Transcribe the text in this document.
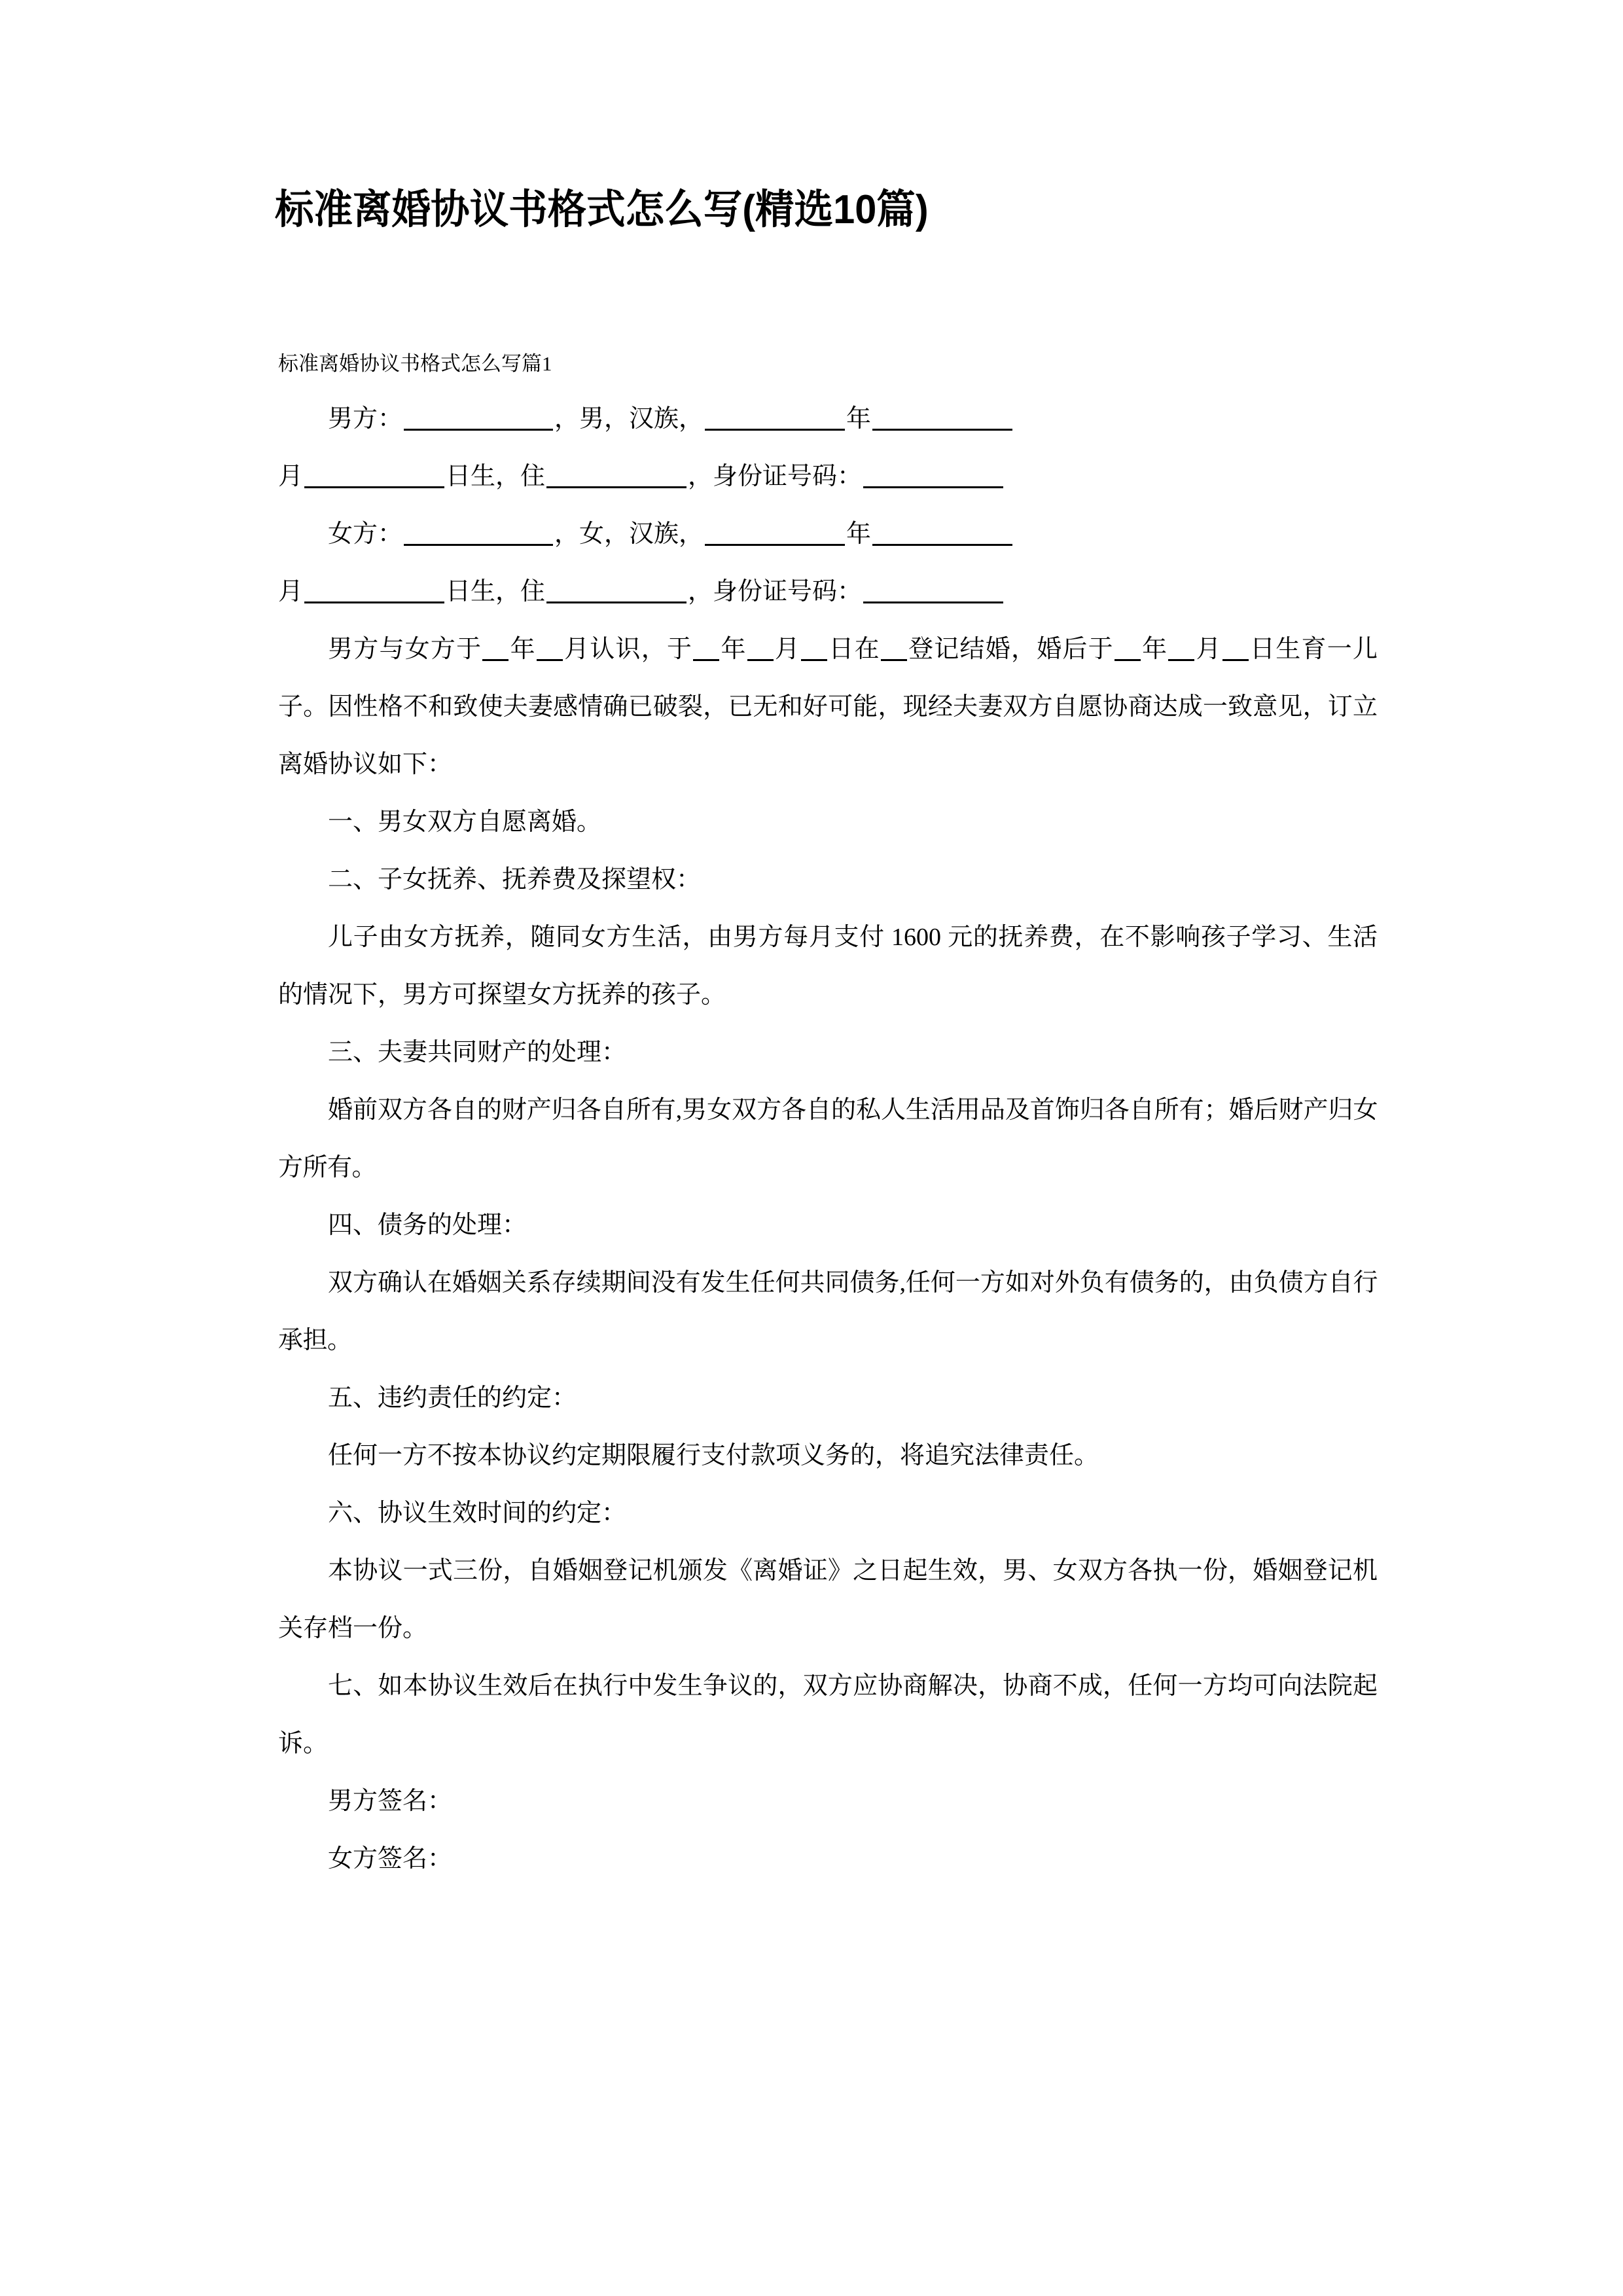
标准离婚协议书格式怎么写(精选10篇)
标准离婚协议书格式怎么写篇1

男方：	，男，汉族，	年

月	日生，住	，身份证号码：

女方：	，女，汉族，	年

月	日生，住	，身份证号码：

男方与女方于 年 月认识，于 年 月 日在 登记结婚，婚后于 年 月 日生育一儿子。因性格不和致使夫妻感情确已破裂，已无和好可能，现经夫妻双方自愿协商达成一致意见，订立离婚协议如下：

一、男女双方自愿离婚。

二、子女抚养、抚养费及探望权：

儿子由女方抚养，随同女方生活，由男方每月支付 1600 元的抚养费，在不影响孩子学习、生活的情况下，男方可探望女方抚养的孩子。

三、夫妻共同财产的处理：

婚前双方各自的财产归各自所有,男女双方各自的私人生活用品及首饰归各自所有；婚后财产归女方所有。

四、债务的处理：

双方确认在婚姻关系存续期间没有发生任何共同债务,任何一方如对外负有债务的，由负债方自行承担。

五、违约责任的约定：

任何一方不按本协议约定期限履行支付款项义务的，将追究法律责任。

六、协议生效时间的约定：

本协议一式三份，自婚姻登记机颁发《离婚证》之日起生效，男、女双方各执一份，婚姻登记机关存档一份。

七、如本协议生效后在执行中发生争议的，双方应协商解决，协商不成，任何一方均可向法院起诉。

男方签名：

女方签名：
